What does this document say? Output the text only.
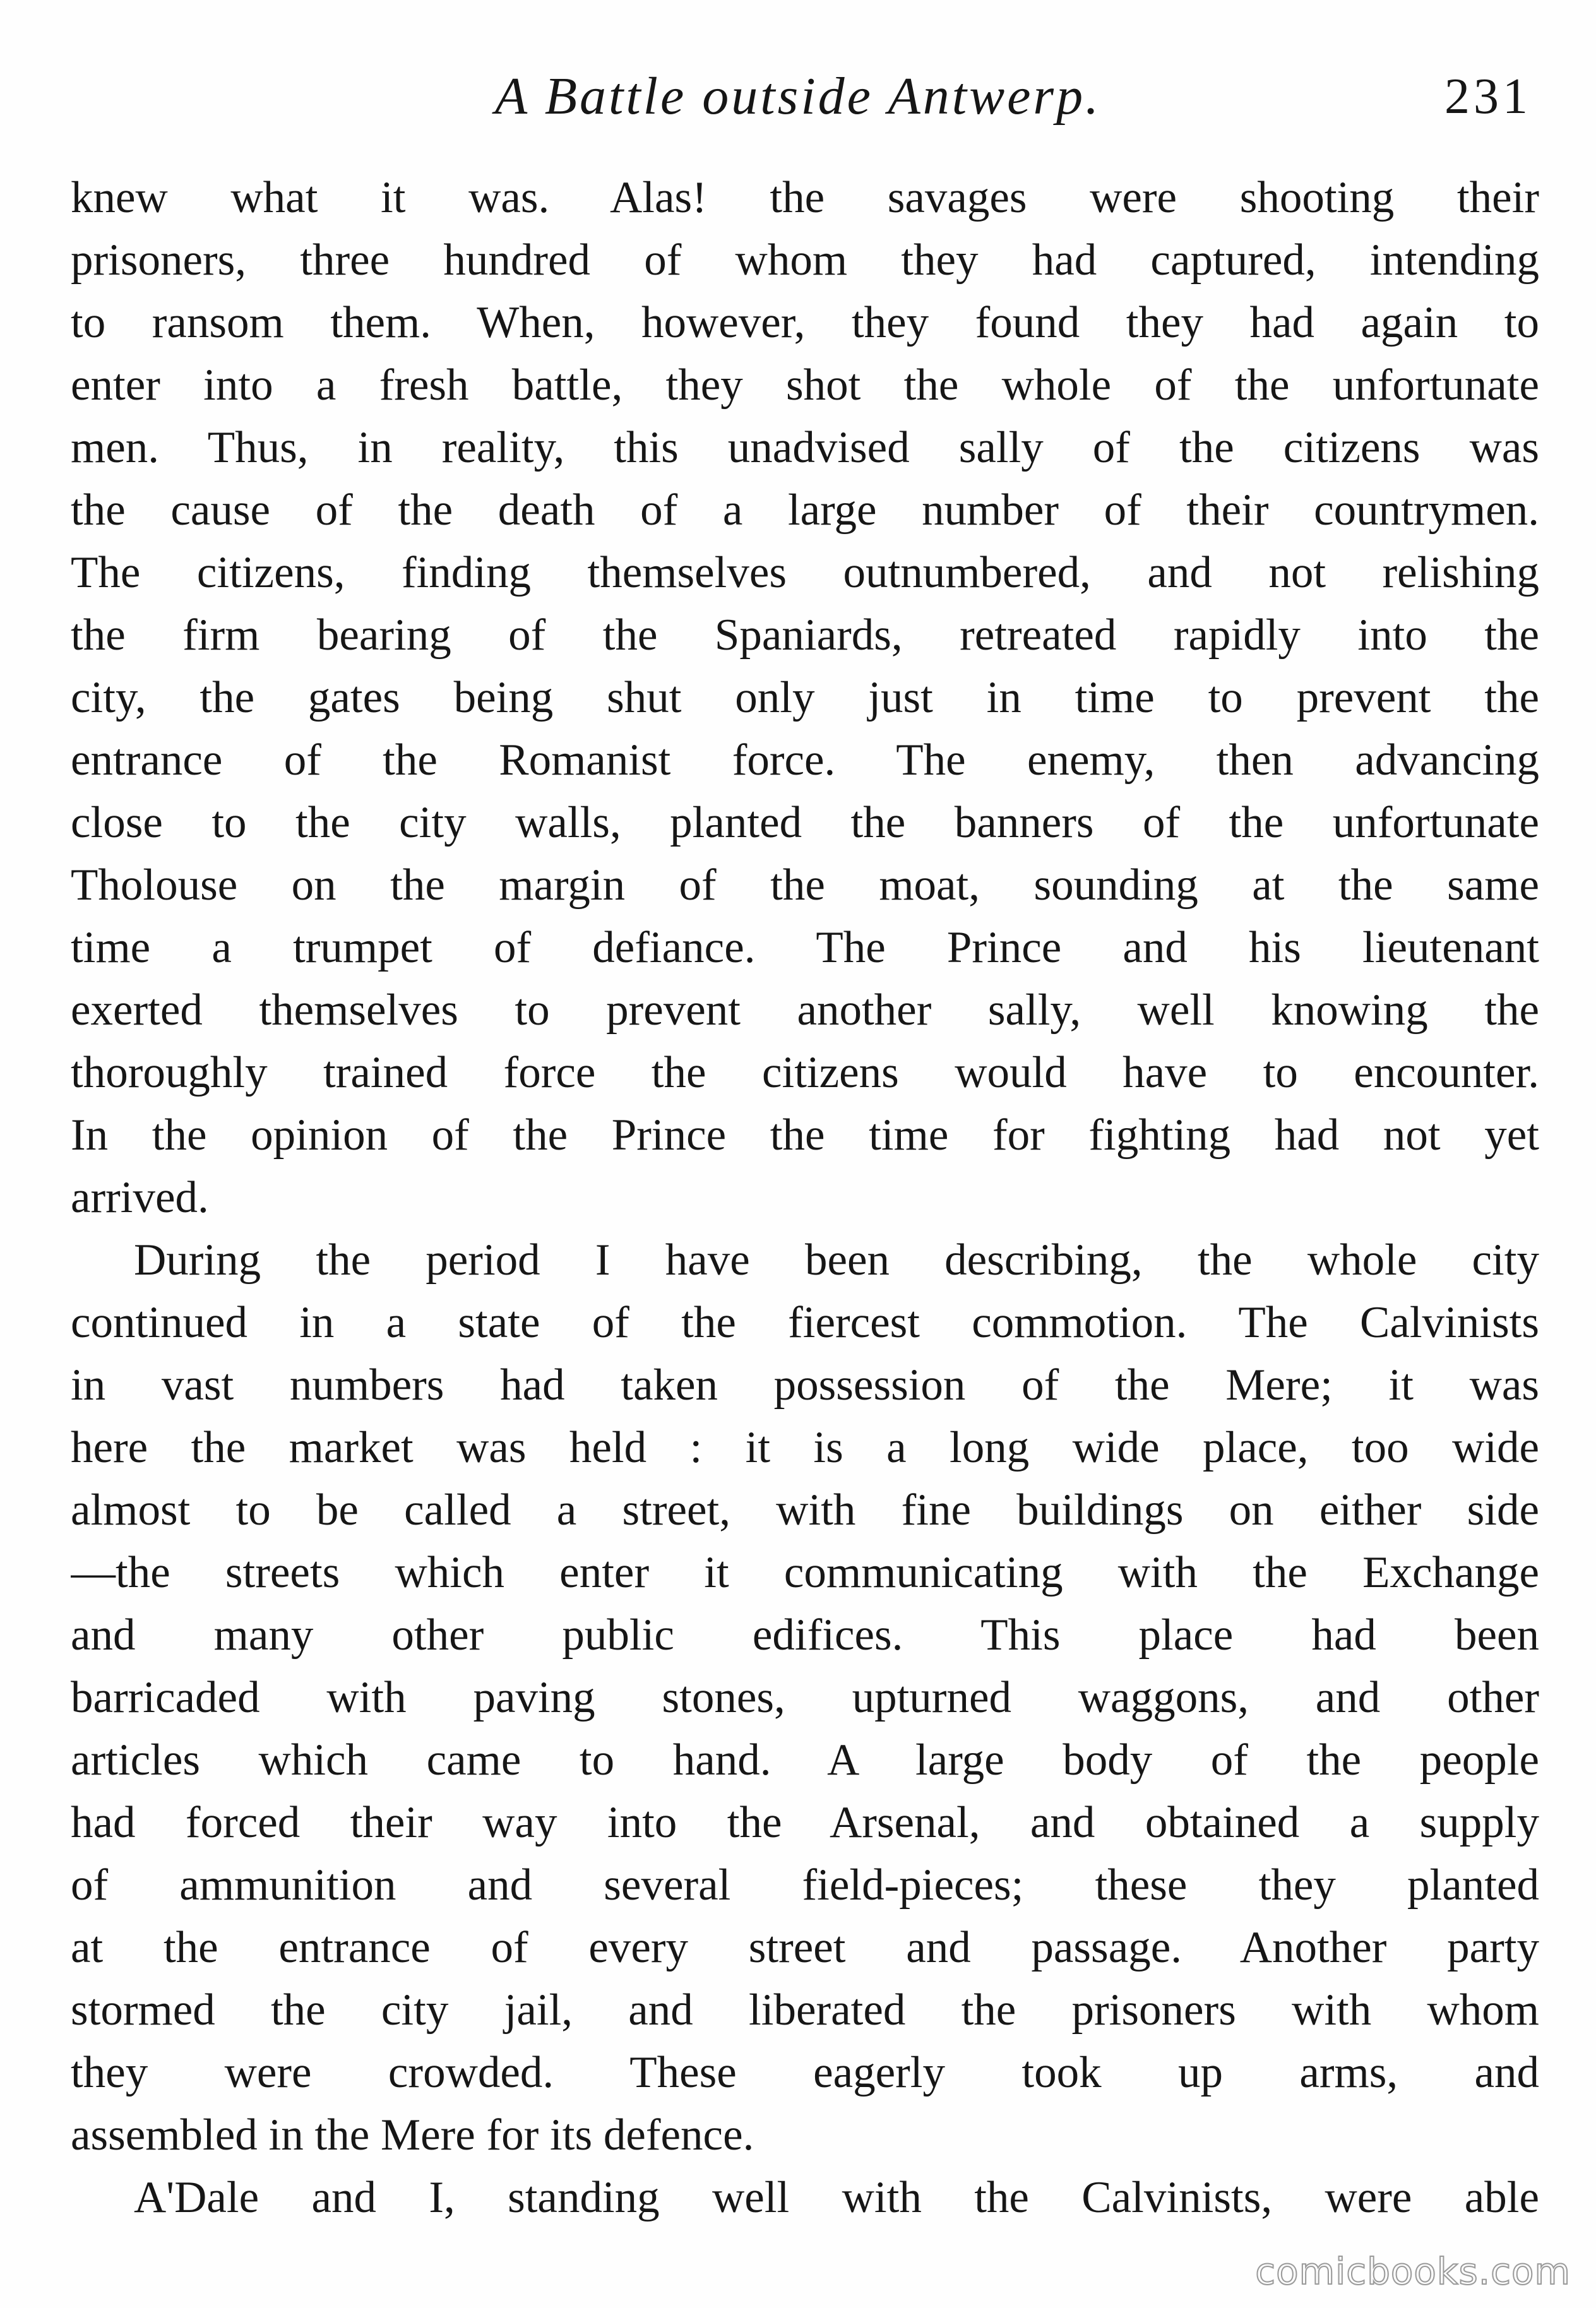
A Battle outside Antwerp.	231
knew what it was. Alas! the savages were shooting their
prisoners, three hundred of whom they had captured, intending
to ransom them. When, however, they found they had again to
enter into a fresh battle, they shot the whole of the unfortunate
men. Thus, in reality, this unadvised sally of the citizens was
the cause of the death of a large number of their countrymen.
The citizens, finding themselves outnumbered, and not relishing
the firm bearing of the Spaniards, retreated rapidly into the
city, the gates being shut only just in time to prevent the
entrance of the Romanist force. The enemy, then advancing
close to the city walls, planted the banners of the unfortunate
Tholouse on the margin of the moat, sounding at the same
time a trumpet of defiance. The Prince and his lieutenant
exerted themselves to prevent another sally, well knowing the
thoroughly trained force the citizens would have to encounter.
In the opinion of the Prince the time for fighting had not yet
arrived.
During the period I have been describing, the whole city
continued in a state of the fiercest commotion. The Calvinists
in vast numbers had taken possession of the Mere; it was
here the market was held : it is a long wide place, too wide
almost to be called a street, with fine buildings on either side
—the streets which enter it communicating with the Exchange
and many other public edifices. This place had been
barricaded with paving stones, upturned waggons, and other
articles which came to hand. A large body of the people
had forced their way into the Arsenal, and obtained a supply
of ammunition and several field-pieces; these they planted
at the entrance of every street and passage. Another party
stormed the city jail, and liberated the prisoners with whom
they were crowded. These eagerly took up arms, and
assembled in the Mere for its defence.
A'Dale and I, standing well with the Calvinists, were able
comicbooks.com
